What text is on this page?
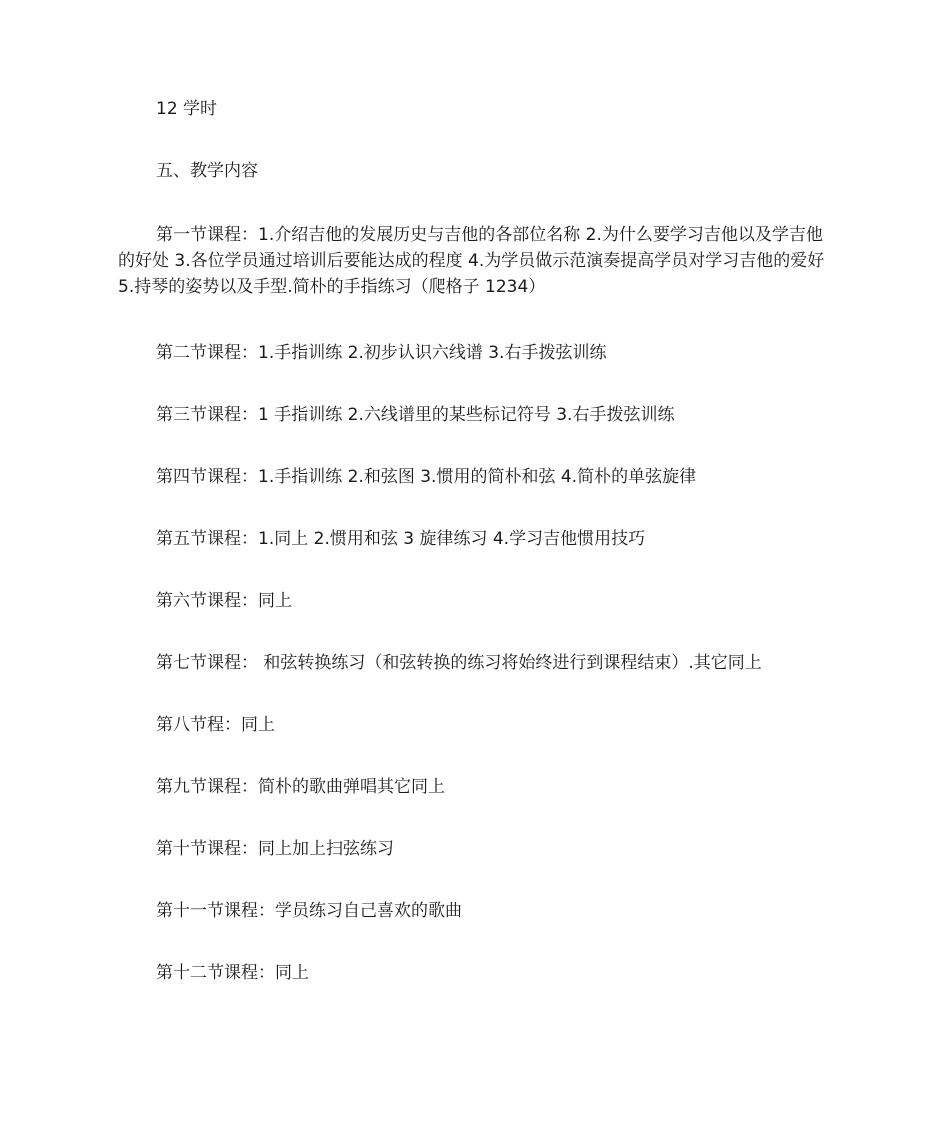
12 学时

五、教学内容

第一节课程：1.介绍吉他的发展历史与吉他的各部位名称 2.为什么要学习吉他以及学吉他的好处 3.各位学员通过培训后要能达成的程度 4.为学员做示范演奏提高学员对学习吉他的爱好 5.持琴的姿势以及手型.简朴的手指练习（爬格子 1234）

第二节课程：1.手指训练 2.初步认识六线谱 3.右手拨弦训练

第三节课程：1 手指训练 2.六线谱里的某些标记符号 3.右手拨弦训练

第四节课程：1.手指训练 2.和弦图 3.惯用的简朴和弦 4.简朴的单弦旋律

第五节课程：1.同上 2.惯用和弦 3 旋律练习 4.学习吉他惯用技巧

第六节课程：同上

第七节课程： 和弦转换练习（和弦转换的练习将始终进行到课程结束）.其它同上

第八节程：同上

第九节课程：简朴的歌曲弹唱其它同上

第十节课程：同上加上扫弦练习

第十一节课程：学员练习自己喜欢的歌曲

第十二节课程：同上
